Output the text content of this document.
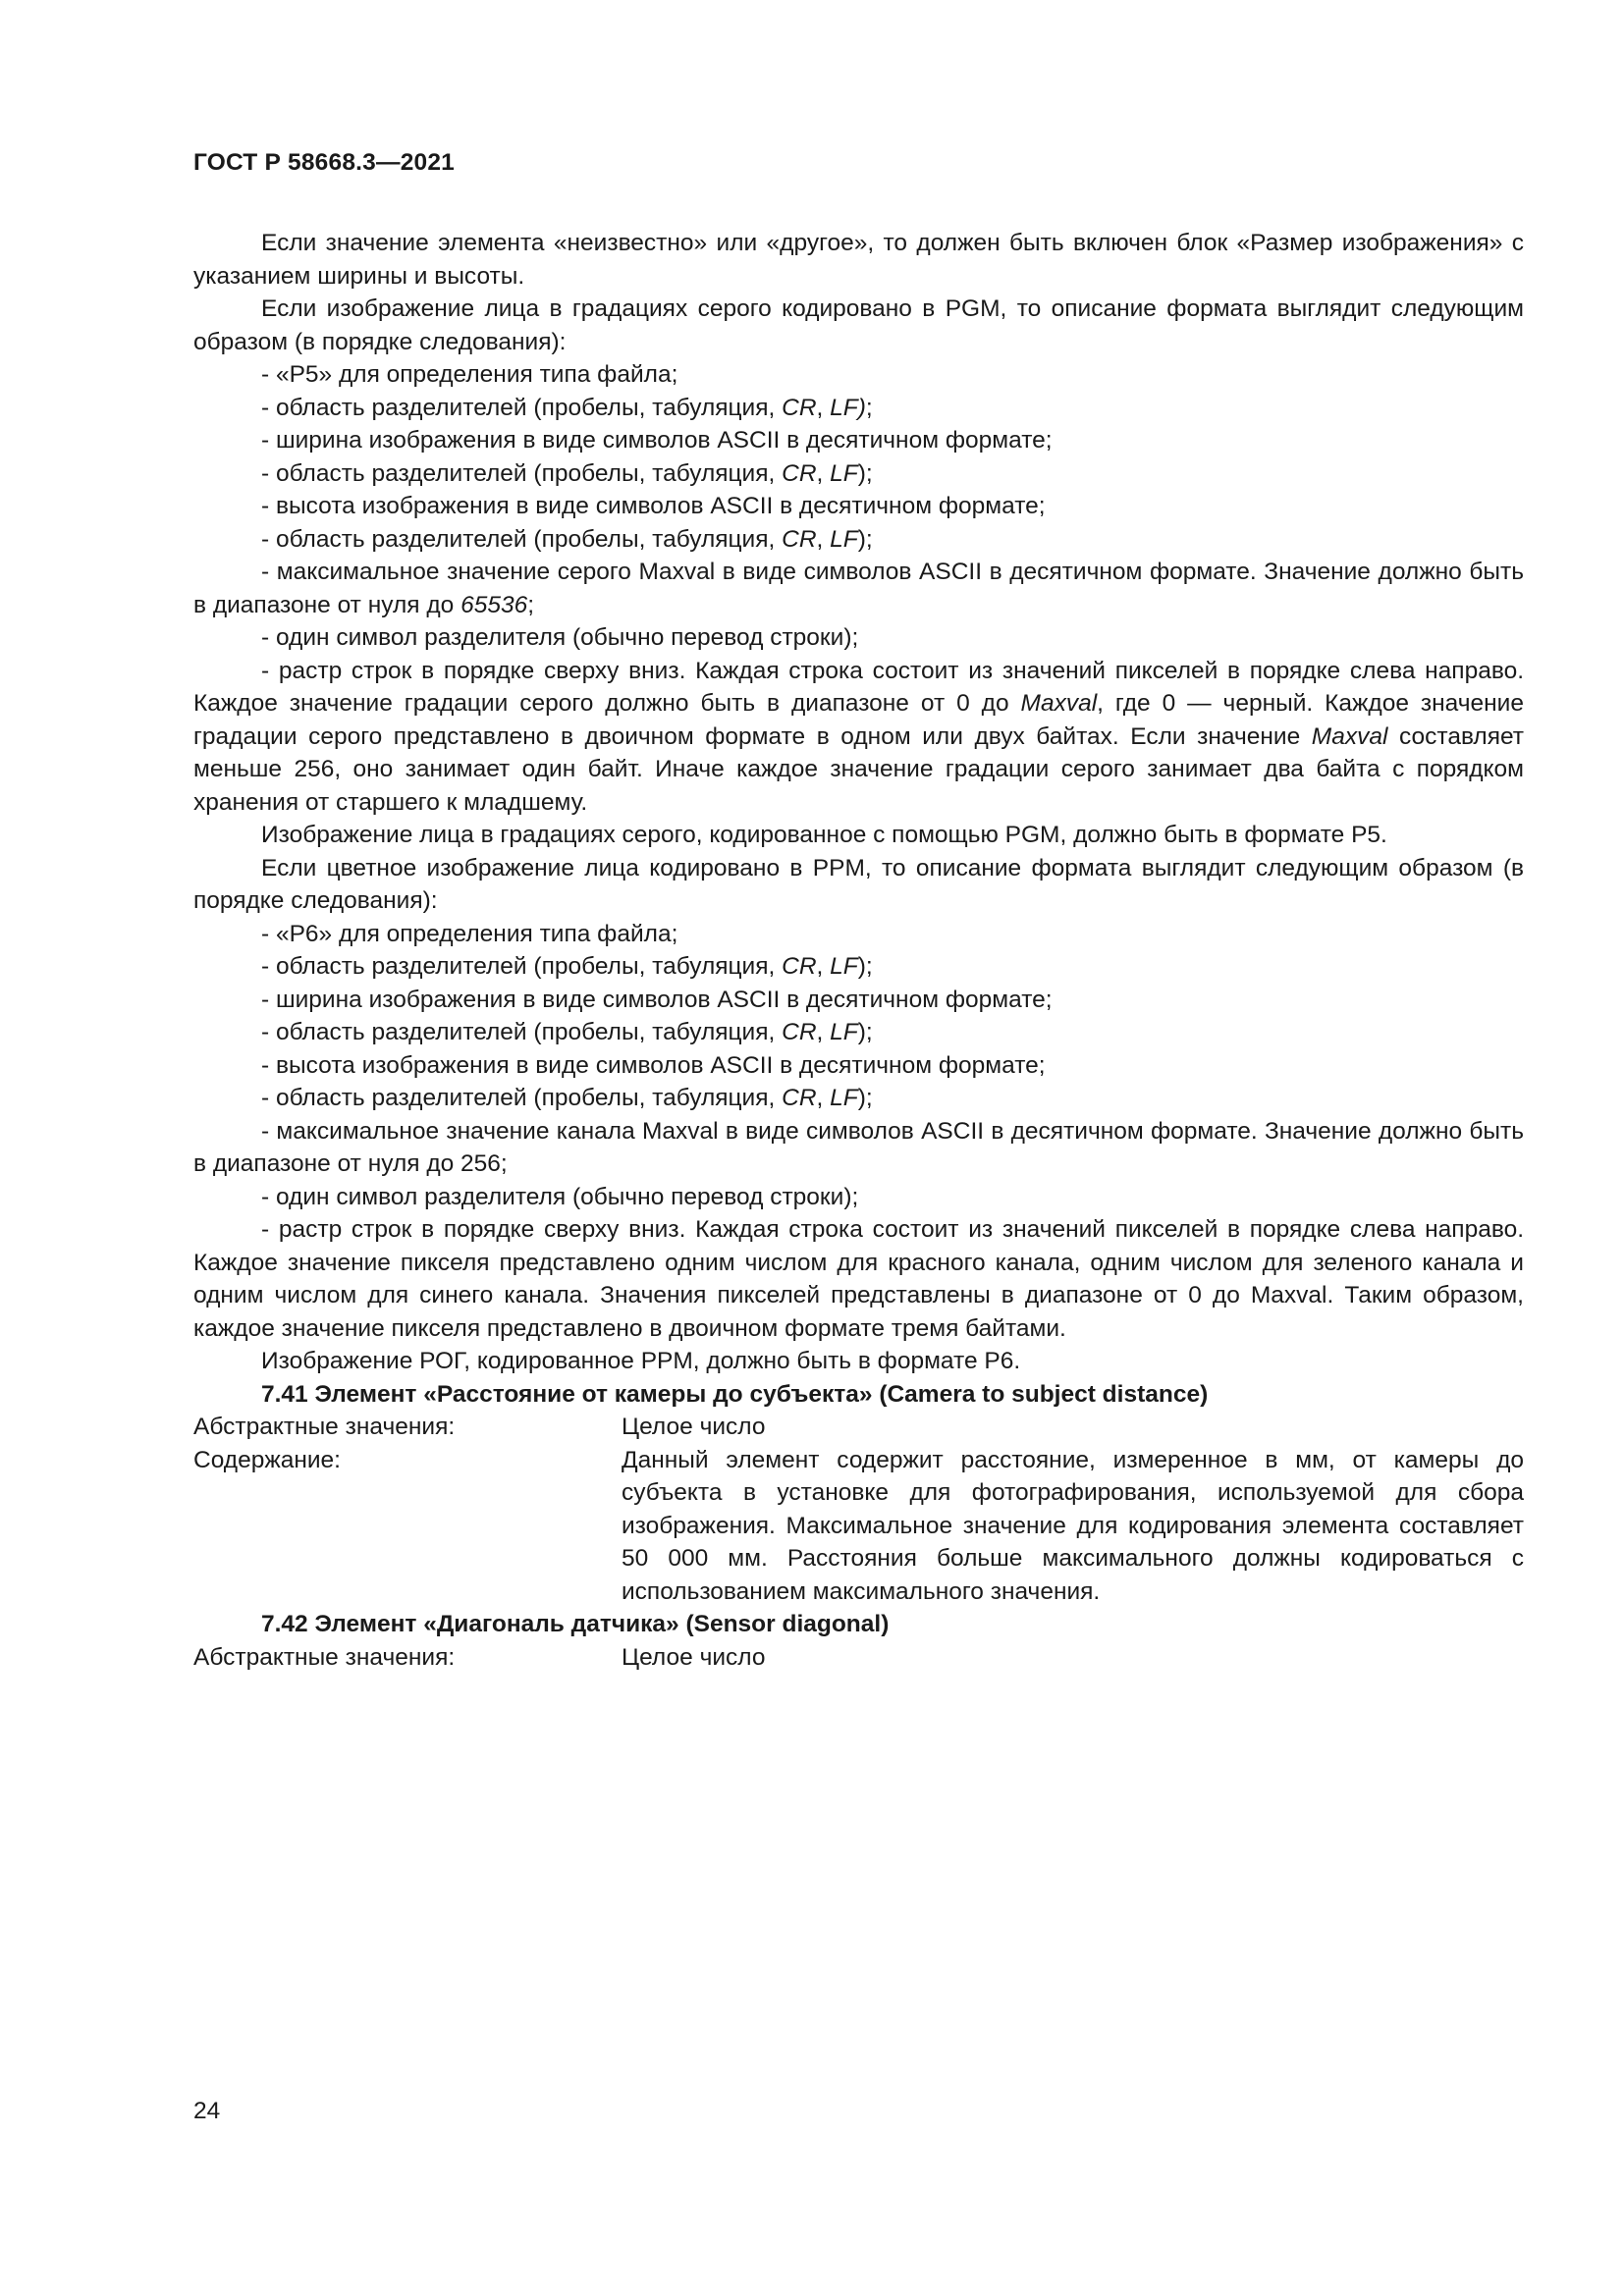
ГОСТ Р 58668.3—2021

Если значение элемента «неизвестно» или «другое», то должен быть включен блок «Размер изображения» с указанием ширины и высоты.

Если изображение лица в градациях серого кодировано в PGM, то описание формата выглядит следующим образом (в порядке следования):

- «P5» для определения типа файла;

- область разделителей (пробелы, табуляция, CR, LF);

- ширина изображения в виде символов ASCII в десятичном формате;

- область разделителей (пробелы, табуляция, CR, LF);

- высота изображения в виде символов ASCII в десятичном формате;

- область разделителей (пробелы, табуляция, CR, LF);

- максимальное значение серого Maxval в виде символов ASCII в десятичном формате. Значение должно быть в диапазоне от нуля до 65536;

- один символ разделителя (обычно перевод строки);

- растр строк в порядке сверху вниз. Каждая строка состоит из значений пикселей в порядке слева направо. Каждое значение градации серого должно быть в диапазоне от 0 до Maxval, где 0 — черный. Каждое значение градации серого представлено в двоичном формате в одном или двух байтах. Если значение Maxval составляет меньше 256, оно занимает один байт. Иначе каждое значение градации серого занимает два байта с порядком хранения от старшего к младшему.

Изображение лица в градациях серого, кодированное с помощью PGM, должно быть в формате P5.

Если цветное изображение лица кодировано в PPM, то описание формата выглядит следующим образом (в порядке следования):

- «P6» для определения типа файла;

- область разделителей (пробелы, табуляция, CR, LF);

- ширина изображения в виде символов ASCII в десятичном формате;

- область разделителей (пробелы, табуляция, CR, LF);

- высота изображения в виде символов ASCII в десятичном формате;

- область разделителей (пробелы, табуляция, CR, LF);

- максимальное значение канала Maxval в виде символов ASCII в десятичном формате. Значение должно быть в диапазоне от нуля до 256;

- один символ разделителя (обычно перевод строки);

- растр строк в порядке сверху вниз. Каждая строка состоит из значений пикселей в порядке слева направо. Каждое значение пикселя представлено одним числом для красного канала, одним числом для зеленого канала и одним числом для синего канала. Значения пикселей представлены в диапазоне от 0 до Maxval. Таким образом, каждое значение пикселя представлено в двоичном формате тремя байтами.

Изображение РОГ, кодированное PPM, должно быть в формате P6.

7.41 Элемент «Расстояние от камеры до субъекта» (Camera to subject distance)

Абстрактные значения:	Целое число
Содержание:	Данный элемент содержит расстояние, измеренное в мм, от камеры до субъекта в установке для фотографирования, используемой для сбора изображения. Максимальное значение для кодирования элемента составляет 50 000 мм. Расстояния больше максимального должны кодироваться с использованием максимального значения.

7.42 Элемент «Диагональ датчика» (Sensor diagonal)

Абстрактные значения:	Целое число
24
